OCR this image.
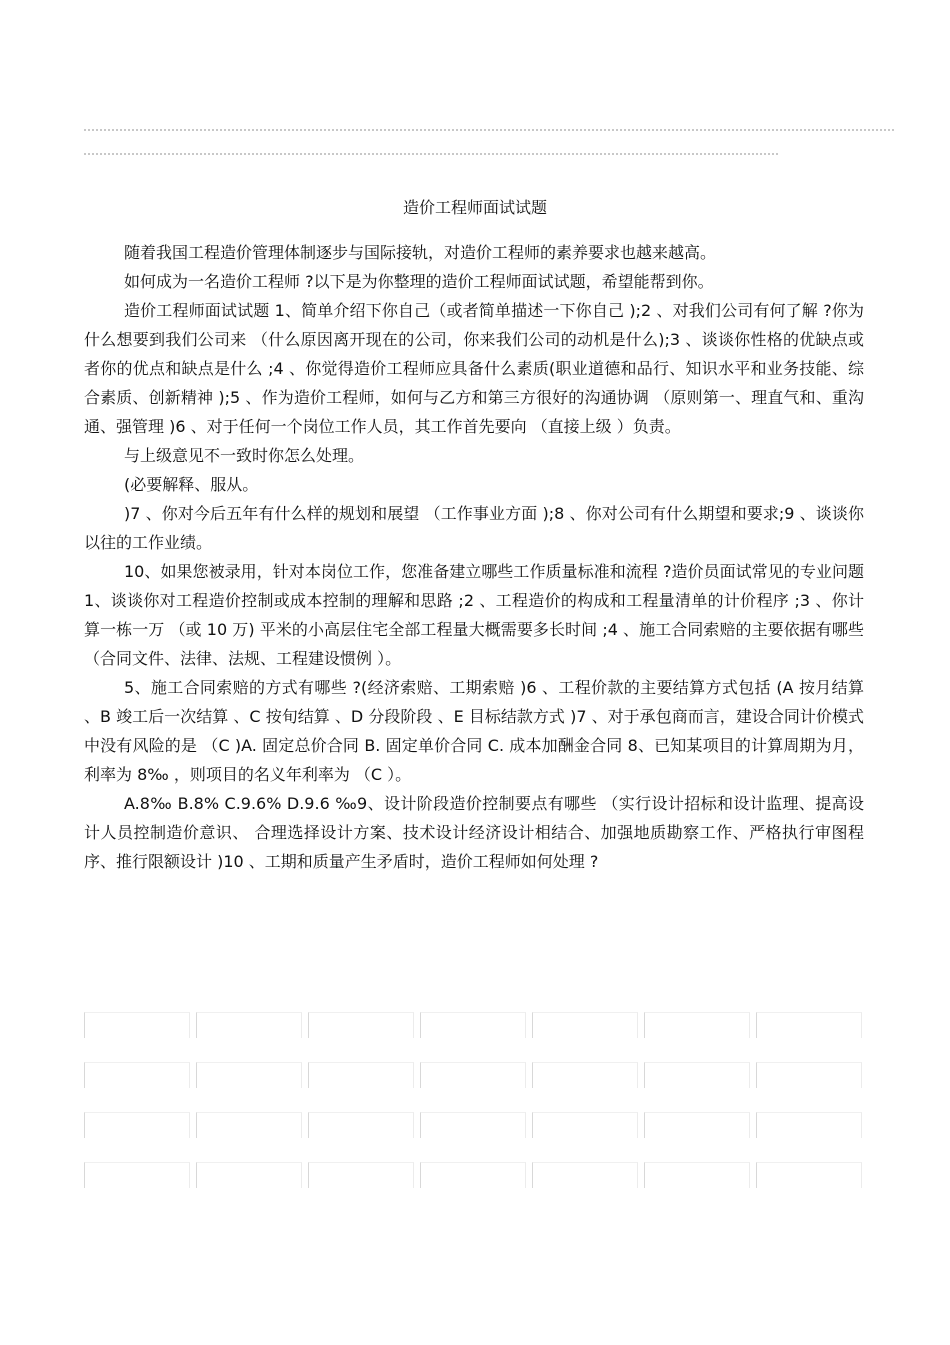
造价工程师面试试题

随着我国工程造价管理体制逐步与国际接轨，对造价工程师的素养要求也越来越高。

如何成为一名造价工程师 ?以下是为你整理的造价工程师面试试题，希望能帮到你。

造价工程师面试试题 1、简单介绍下你自己（或者简单描述一下你自己 );2 、对我们公司有何了解 ?你为什么想要到我们公司来 （什么原因离开现在的公司，你来我们公司的动机是什么);3 、谈谈你性格的优缺点或者你的优点和缺点是什么 ;4 、你觉得造价工程师应具备什么素质(职业道德和品行、知识水平和业务技能、综合素质、创新精神 );5 、作为造价工程师，如何与乙方和第三方很好的沟通协调 （原则第一、理直气和、重沟通、强管理 )6 、对于任何一个岗位工作人员，其工作首先要向 （直接上级 ）负责。

与上级意见不一致时你怎么处理。

(必要解释、服从。

)7 、你对今后五年有什么样的规划和展望 （工作事业方面 );8 、你对公司有什么期望和要求;9 、谈谈你以往的工作业绩。

10、如果您被录用，针对本岗位工作，您准备建立哪些工作质量标准和流程 ?造价员面试常见的专业问题 1、谈谈你对工程造价控制或成本控制的理解和思路 ;2 、工程造价的构成和工程量清单的计价程序 ;3 、你计算一栋一万 （或 10 万) 平米的小高层住宅全部工程量大概需要多长时间 ;4 、施工合同索赔的主要依据有哪些 （合同文件、法律、法规、工程建设惯例 ）。

5、施工合同索赔的方式有哪些 ?(经济索赔、工期索赔 )6 、工程价款的主要结算方式包括 (A 按月结算 、B 竣工后一次结算 、C 按旬结算 、D 分段阶段 、E 目标结款方式 )7 、对于承包商而言，建设合同计价模式中没有风险的是 （C )A. 固定总价合同 B. 固定单价合同 C. 成本加酬金合同 8、已知某项目的计算周期为月，利率为 8‰ ，则项目的名义年利率为 （C ）。

A.8‰ B.8% C.9.6% D.9.6 ‰9、设计阶段造价控制要点有哪些 （实行设计招标和设计监理、提高设计人员控制造价意识、 合理选择设计方案、技术设计经济设计相结合、加强地质勘察工作、严格执行审图程序、推行限额设计 )10 、工期和质量产生矛盾时，造价工程师如何处理 ?
